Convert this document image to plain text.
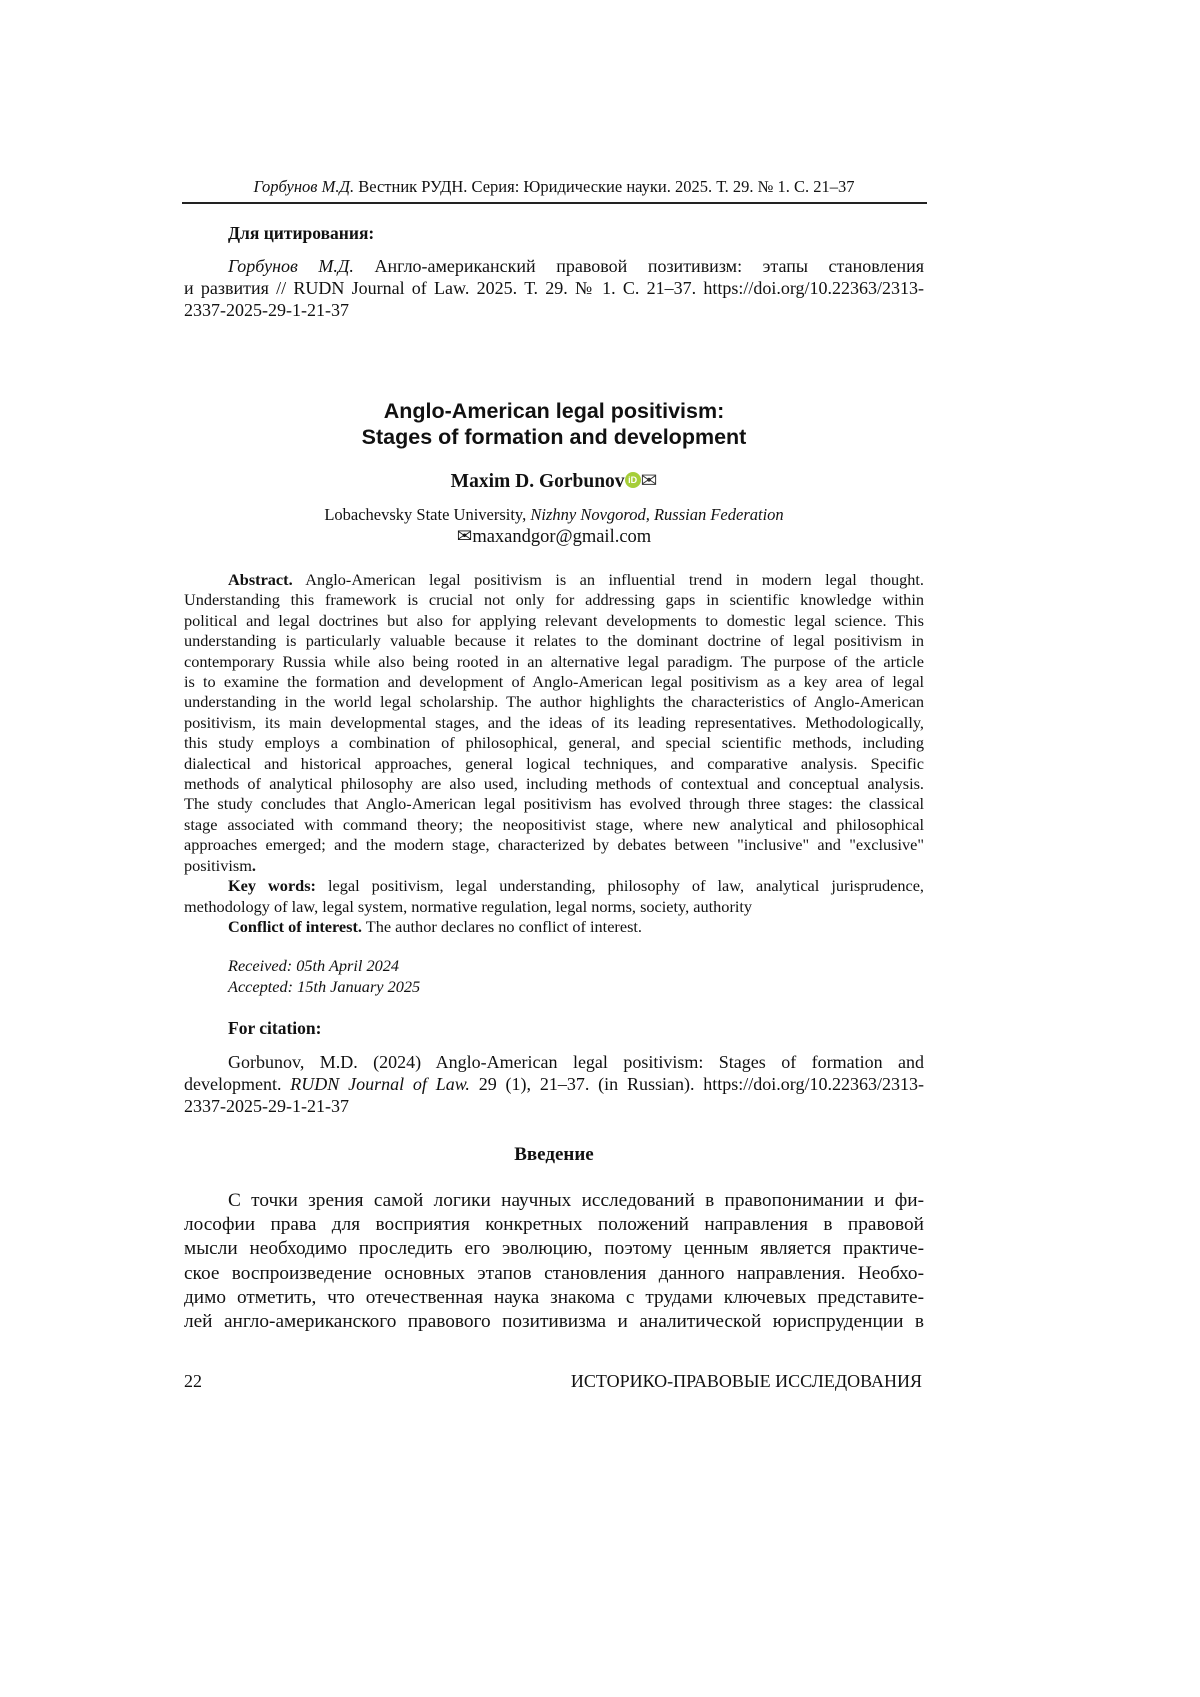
Горбунов М.Д. Вестник РУДН. Серия: Юридические науки. 2025. Т. 29. № 1. С. 21–37
Для цитирования:
Горбунов М.Д. Англо-американский правовой позитивизм: этапы становления
и развития // RUDN Journal of Law. 2025. Т. 29. № 1. С. 21–37. https://doi.org/10.22363/2313-
2337-2025-29-1-21-37
Anglo-American legal positivism:
Stages of formation and development
Maxim D. Gorbunov iD ✉
Lobachevsky State University, Nizhny Novgorod, Russian Federation
✉maxandgor@gmail.com
Abstract. Anglo-American legal positivism is an influential trend in modern legal thought.
Understanding this framework is crucial not only for addressing gaps in scientific knowledge within
political and legal doctrines but also for applying relevant developments to domestic legal science. This
understanding is particularly valuable because it relates to the dominant doctrine of legal positivism in
contemporary Russia while also being rooted in an alternative legal paradigm. The purpose of the article
is to examine the formation and development of Anglo-American legal positivism as a key area of legal
understanding in the world legal scholarship. The author highlights the characteristics of Anglo-American
positivism, its main developmental stages, and the ideas of its leading representatives. Methodologically,
this study employs a combination of philosophical, general, and special scientific methods, including
dialectical and historical approaches, general logical techniques, and comparative analysis. Specific
methods of analytical philosophy are also used, including methods of contextual and conceptual analysis.
The study concludes that Anglo-American legal positivism has evolved through three stages: the classical
stage associated with command theory; the neopositivist stage, where new analytical and philosophical
approaches emerged; and the modern stage, characterized by debates between "inclusive" and "exclusive"
positivism.
Key words: legal positivism, legal understanding, philosophy of law, analytical jurisprudence,
methodology of law, legal system, normative regulation, legal norms, society, authority
Conflict of interest. The author declares no conflict of interest.
Received: 05th April 2024
Accepted: 15th January 2025
For citation:
Gorbunov, M.D. (2024) Anglo-American legal positivism: Stages of formation and
development. RUDN Journal of Law. 29 (1), 21–37. (in Russian). https://doi.org/10.22363/2313-
2337-2025-29-1-21-37
Введение
С точки зрения самой логики научных исследований в правопонимании и фи-
лософии права для восприятия конкретных положений направления в правовой
мысли необходимо проследить его эволюцию, поэтому ценным является практиче-
ское воспроизведение основных этапов становления данного направления. Необхо-
димо отметить, что отечественная наука знакома с трудами ключевых представите-
лей англо-американского правового позитивизма и аналитической юриспруденции в
22	ИСТОРИКО-ПРАВОВЫЕ ИССЛЕДОВАНИЯ
